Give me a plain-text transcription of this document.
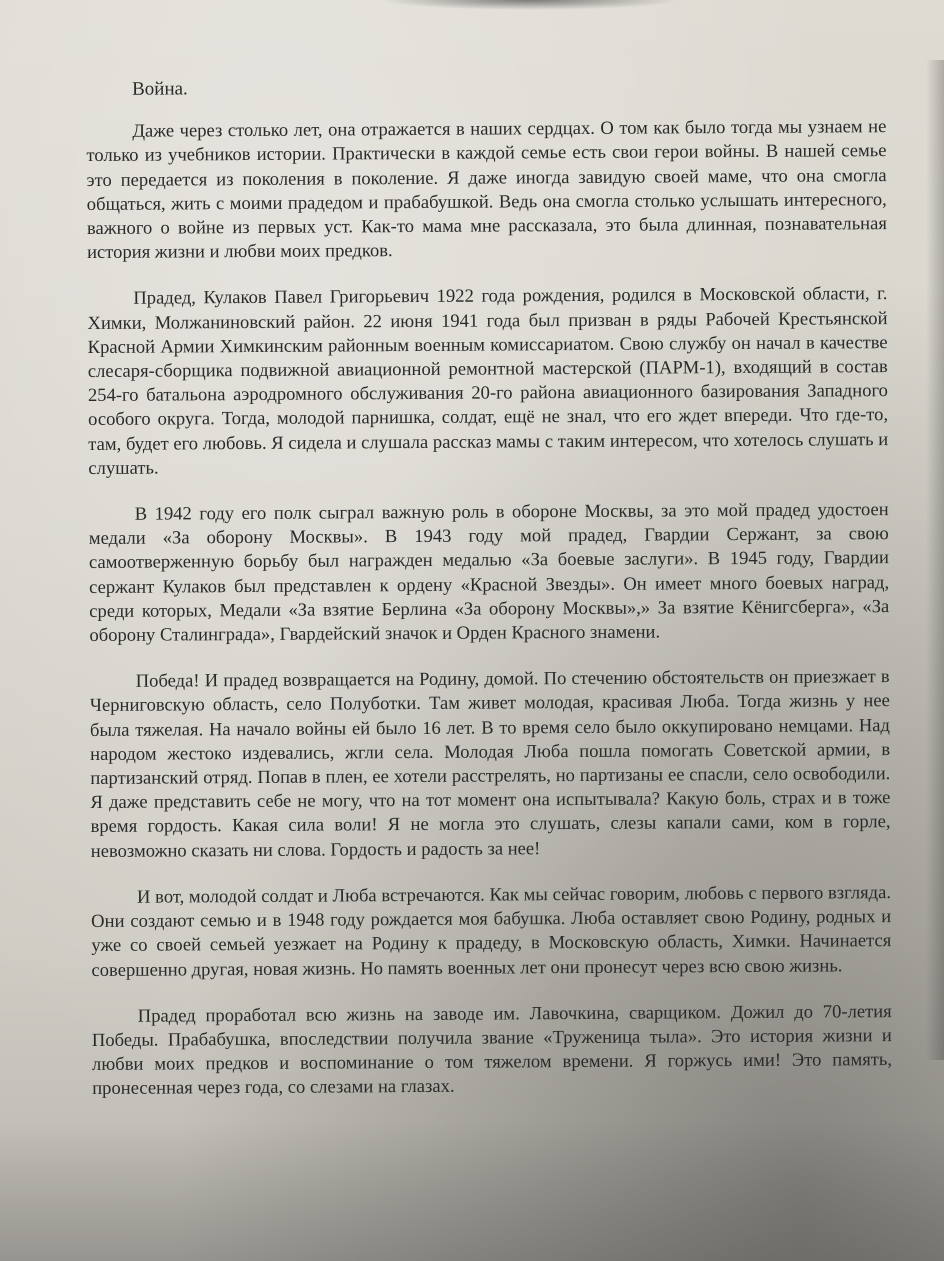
Война.

Даже через столько лет, она отражается в наших сердцах. О том как было тогда мы узнаем не только из учебников истории. Практически в каждой семье есть свои герои войны. В нашей семье это передается из поколения в поколение. Я даже иногда завидую своей маме, что она смогла общаться, жить с моими прадедом и прабабушкой. Ведь она смогла столько услышать интересного, важного о войне из первых уст. Как-то мама мне рассказала, это была длинная, познавательная история жизни и любви моих предков.

Прадед, Кулаков Павел Григорьевич 1922 года рождения, родился в Московской области, г. Химки, Молжаниновский район. 22 июня 1941 года был призван в ряды Рабочей Крестьянской Красной Армии Химкинским районным военным комиссариатом. Свою службу он начал в качестве слесаря-сборщика подвижной авиационной ремонтной мастерской (ПАРМ-1), входящий в состав 254-го батальона аэродромного обслуживания 20-го района авиационного базирования Западного особого округа. Тогда, молодой парнишка, солдат, ещё не знал, что его ждет впереди. Что где-то, там, будет его любовь. Я сидела и слушала рассказ мамы с таким интересом, что хотелось слушать и слушать.

В 1942 году его полк сыграл важную роль в обороне Москвы, за это мой прадед удостоен медали «За оборону Москвы». В 1943 году мой прадед, Гвардии Сержант, за свою самоотверженную борьбу был награжден медалью «За боевые заслуги». В 1945 году, Гвардии сержант Кулаков был представлен к ордену «Красной Звезды». Он имеет много боевых наград, среди которых, Медали «За взятие Берлина «За оборону Москвы»,» За взятие Кёнигсберга», «За оборону Сталинграда», Гвардейский значок и Орден Красного знамени.

Победа! И прадед возвращается на Родину, домой. По стечению обстоятельств он приезжает в Черниговскую область, село Полуботки. Там живет молодая, красивая Люба. Тогда жизнь у нее была тяжелая. На начало войны ей было 16 лет. В то время село было оккупировано немцами. Над народом жестоко издевались, жгли села. Молодая Люба пошла помогать Советской армии, в партизанский отряд. Попав в плен, ее хотели расстрелять, но партизаны ее спасли, село освободили. Я даже представить себе не могу, что на тот момент она испытывала? Какую боль, страх и в тоже время гордость. Какая сила воли! Я не могла это слушать, слезы капали сами, ком в горле, невозможно сказать ни слова. Гордость и радость за нее!

И вот, молодой солдат и Люба встречаются. Как мы сейчас говорим, любовь с первого взгляда. Они создают семью и в 1948 году рождается моя бабушка. Люба оставляет свою Родину, родных и уже со своей семьей уезжает на Родину к прадеду, в Московскую область, Химки. Начинается совершенно другая, новая жизнь. Но память военных лет они пронесут через всю свою жизнь.

Прадед проработал всю жизнь на заводе им. Лавочкина, сварщиком. Дожил до 70-летия Победы. Прабабушка, впоследствии получила звание «Труженица тыла». Это история жизни и любви моих предков и воспоминание о том тяжелом времени. Я горжусь ими! Это память, пронесенная через года, со слезами на глазах.
